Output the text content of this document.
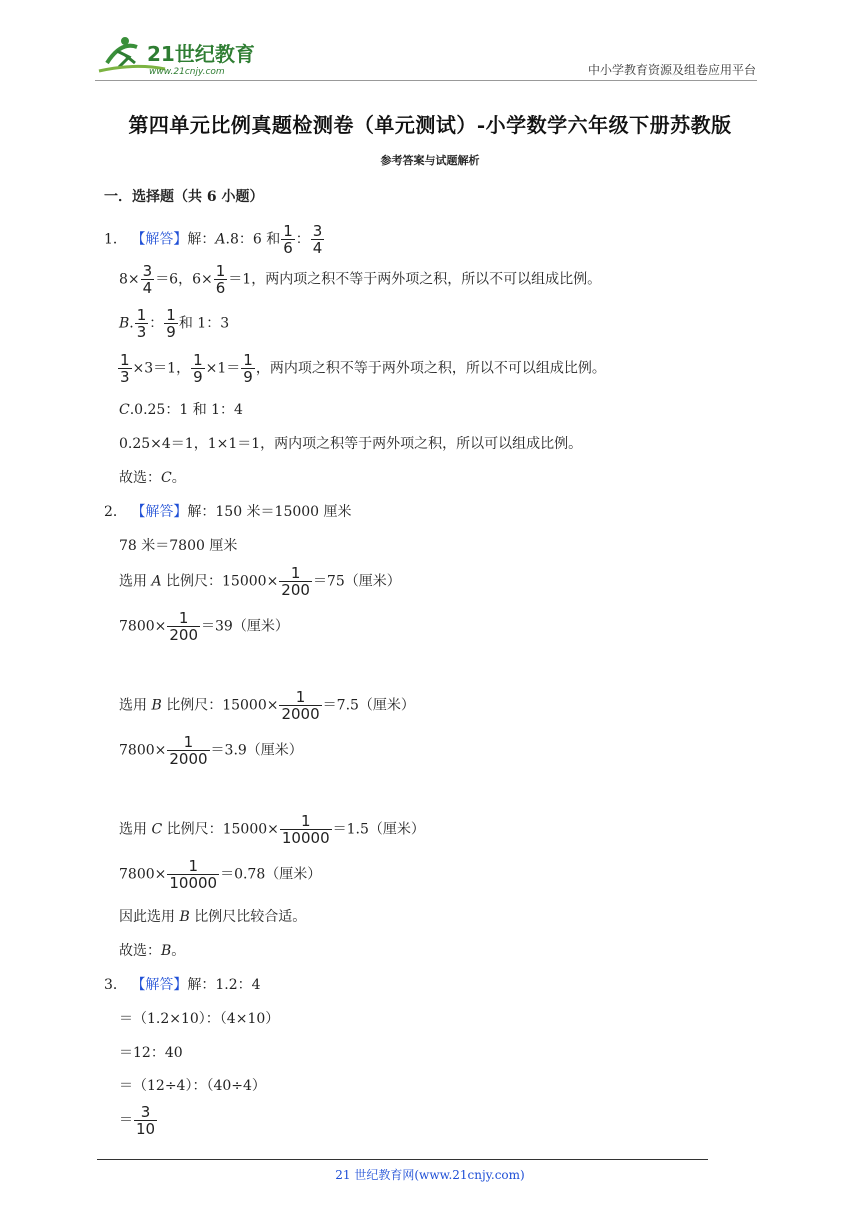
21世纪教育
www.21cnjy.com	中小学教育资源及组卷应用平台
第四单元比例真题检测卷（单元测试）-小学数学六年级下册苏教版
参考答案与试题解析
一．选择题（共 6 小题）
1． 【解答】解：A.8：6 和 $\frac{1}{6}$ ： $\frac{3}{4}$
$8\times \frac{3}{4} =6$，$6\times \frac{1}{6} =1$，两内项之积不等于两外项之积，所以不可以组成比例。
B. $\frac{1}{3}$ ： $\frac{1}{9}$ 和 1：3
$\frac{1}{3} \times 3=1$， $\frac{1}{9} \times 1= \frac{1}{9}$ ，两内项之积不等于两外项之积，所以不可以组成比例。
C.0.25：1 和 1：4
0.25×4＝1，1×1＝1，两内项之积等于两外项之积，所以可以组成比例。
故选：C。
2． 【解答】解：150 米＝15000 厘米
78 米＝7800 厘米
选用 A 比例尺：$15000\times \frac{1}{200} =75$（厘米）
$7800\times \frac{1}{200} =39$（厘米）
选用 B 比例尺：$15000\times \frac{1}{2000} =7.5$（厘米）
$7800\times \frac{1}{2000} =3.9$（厘米）
选用 C 比例尺：$15000\times \frac{1}{10000} =1.5$（厘米）
$7800\times \frac{1}{10000} =0.78$（厘米）
因此选用 B 比例尺比较合适。
故选：B。
3． 【解答】解：1.2：4
＝（1.2×10）：（4×10）
＝12：40
＝（12÷4）：（40÷4）
＝ $\frac{3}{10}$
21 世纪教育网(www.21cnjy.com)
